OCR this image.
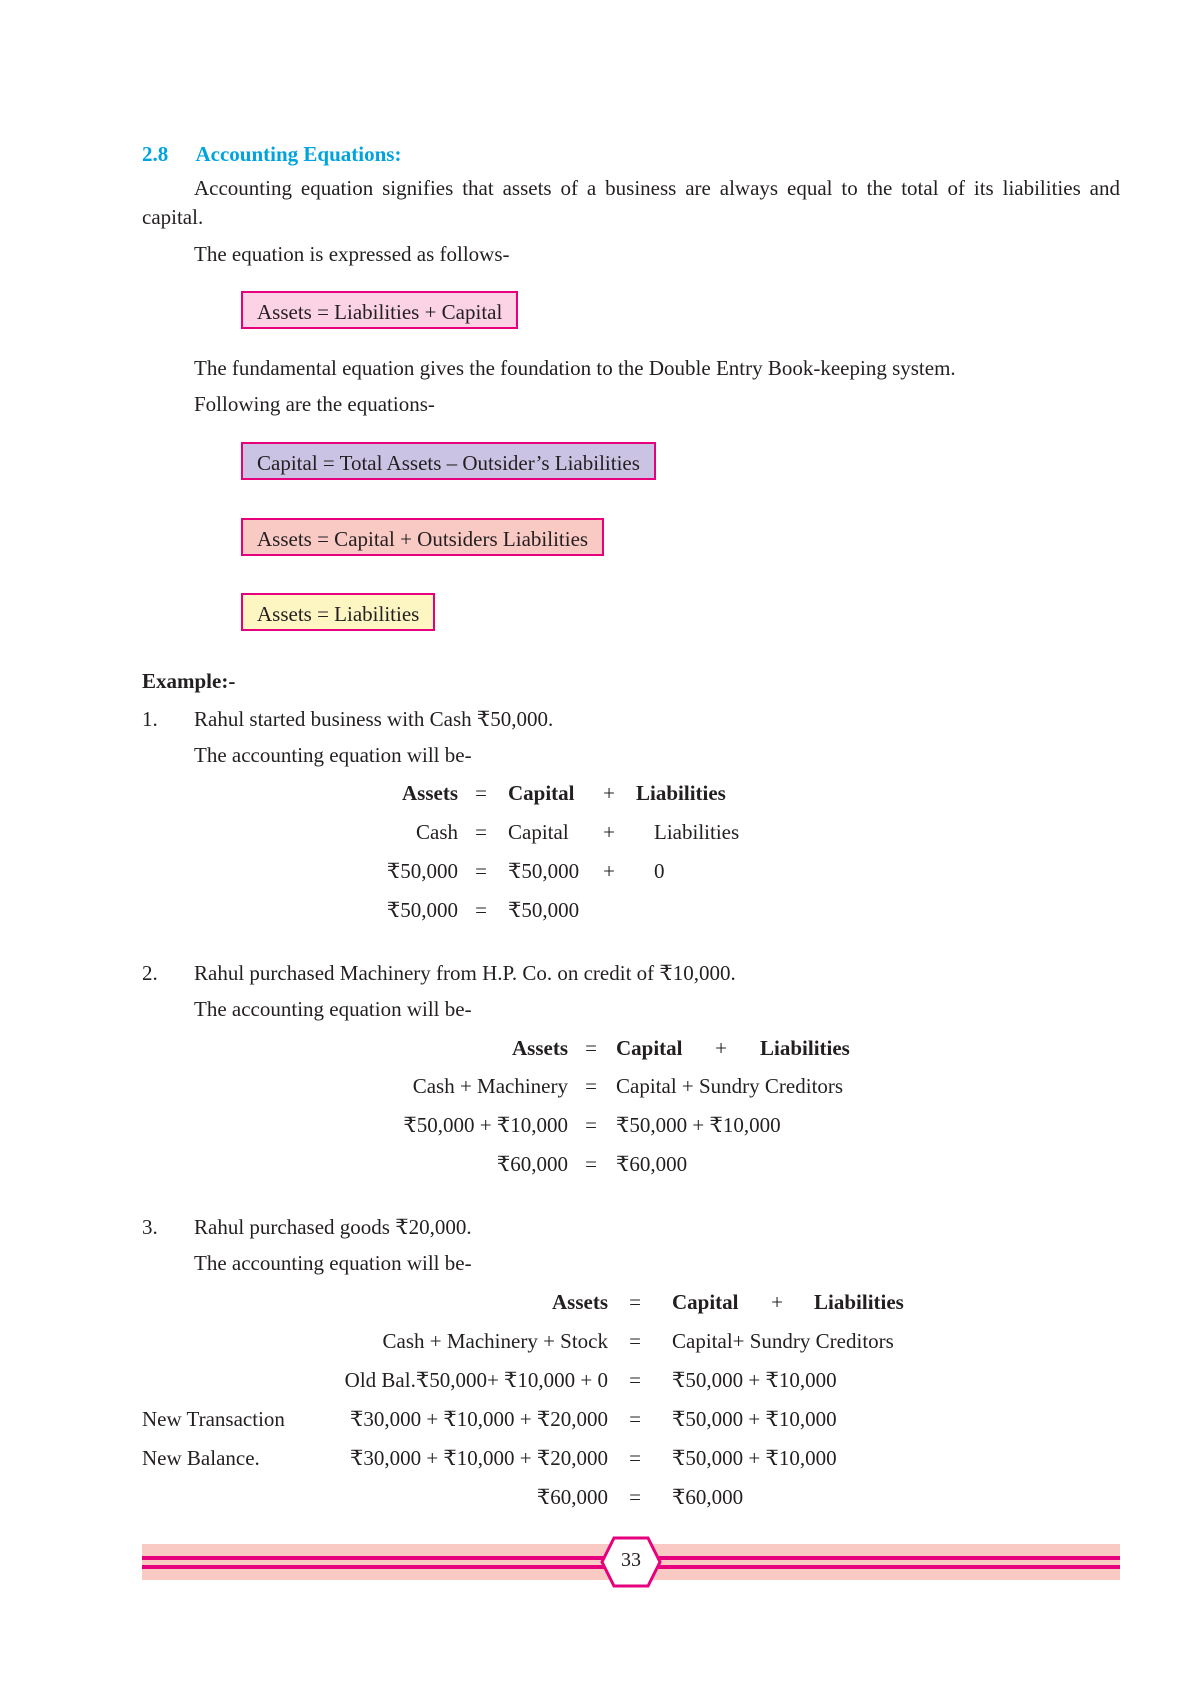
2.8 Accounting Equations:
Accounting equation signifies that assets of a business are always equal to the total of its liabilities and capital.
The equation is expressed as follows-
Assets = Liabilities + Capital
The fundamental equation gives the foundation to the Double Entry Book-keeping system.
Following are the equations-
Capital = Total Assets – Outsider’s Liabilities
Assets = Capital + Outsiders Liabilities
Assets = Liabilities
Example:-
1. Rahul started business with Cash ₹50,000.
The accounting equation will be-
Assets =	Capital	+	Liabilities
Cash =	Capital	+	Liabilities
₹50,000 =	₹50,000	+	0
₹50,000 =	₹50,000
2. Rahul purchased Machinery from H.P. Co. on credit of ₹10,000.
The accounting equation will be-
Assets = Capital	+	Liabilities
Cash + Machinery = Capital + Sundry Creditors
₹50,000 + ₹10,000 = ₹50,000 + ₹10,000
₹60,000 = ₹60,000
3. Rahul purchased goods ₹20,000.
The accounting equation will be-
Assets	=	Capital	+	Liabilities
Cash + Machinery + Stock	=	Capital+ Sundry Creditors
Old Bal.₹50,000+ ₹10,000 + 0	=	₹50,000 + ₹10,000
New Transaction	₹30,000 + ₹10,000 + ₹20,000	=	₹50,000 + ₹10,000
New Balance.	₹30,000 + ₹10,000 + ₹20,000	=	₹50,000 + ₹10,000
₹60,000	=	₹60,000
33
